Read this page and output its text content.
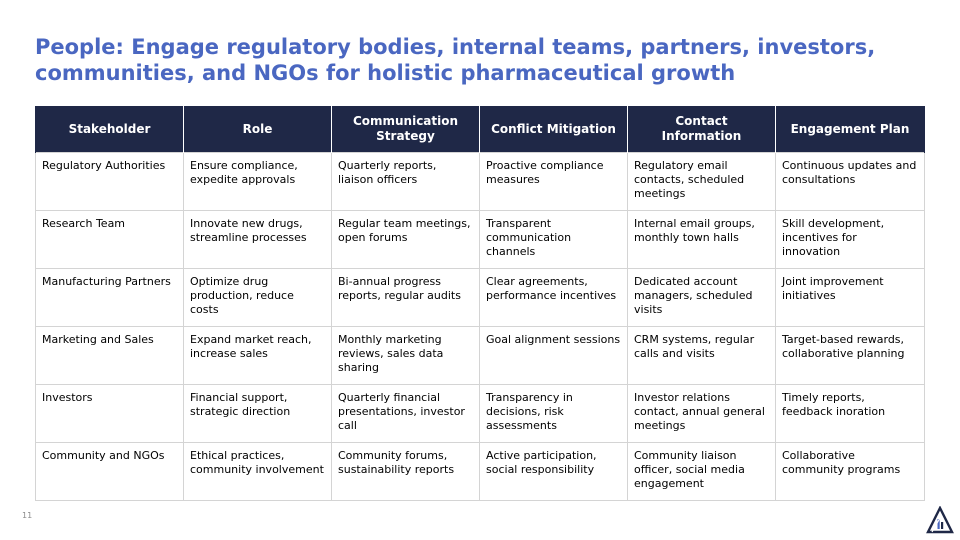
People: Engage regulatory bodies, internal teams, partners, investors, communities, and NGOs for holistic pharmaceutical growth
Stakeholder	Role	Communication Strategy	Conflict Mitigation	Contact Information	Engagement Plan
Regulatory Authorities	Ensure compliance, expedite approvals	Quarterly reports, liaison officers	Proactive compliance measures	Regulatory email contacts, scheduled meetings	Continuous updates and consultations
Research Team	Innovate new drugs, streamline processes	Regular team meetings, open forums	Transparent communication channels	Internal email groups, monthly town halls	Skill development, incentives for innovation
Manufacturing Partners	Optimize drug production, reduce costs	Bi-annual progress reports, regular audits	Clear agreements, performance incentives	Dedicated account managers, scheduled visits	Joint improvement initiatives
Marketing and Sales	Expand market reach, increase sales	Monthly marketing reviews, sales data sharing	Goal alignment sessions	CRM systems, regular calls and visits	Target-based rewards, collaborative planning
Investors	Financial support, strategic direction	Quarterly financial presentations, investor call	Transparency in decisions, risk assessments	Investor relations contact, annual general meetings	Timely reports, feedback inoration
Community and NGOs	Ethical practices, community involvement	Community forums, sustainability reports	Active participation, social responsibility	Community liaison officer, social media engagement	Collaborative community programs
11
